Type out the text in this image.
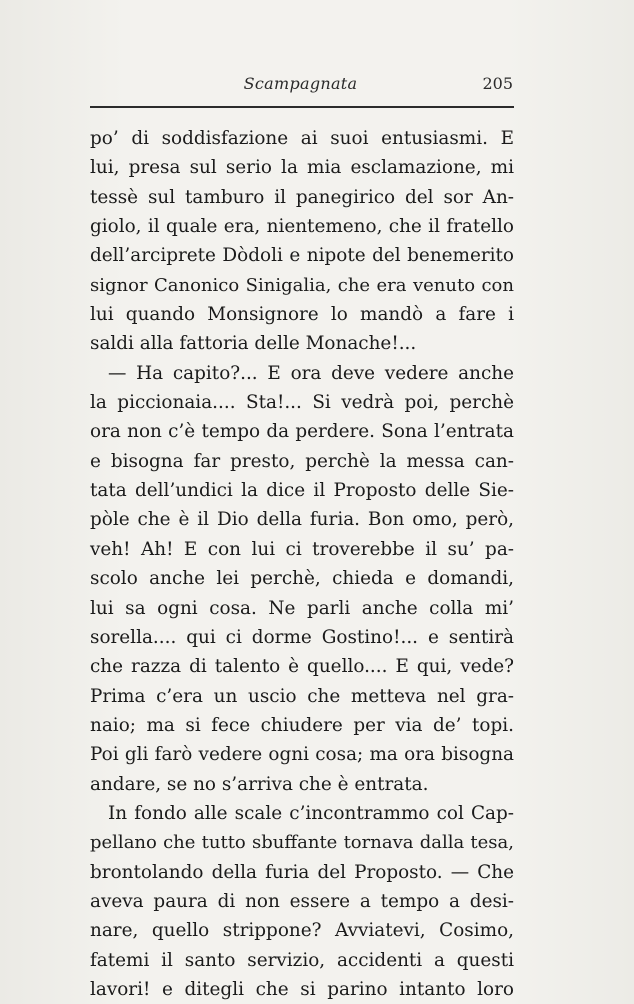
Scampagnata	205
po’ di soddisfazione ai suoi entusiasmi. E
lui, presa sul serio la mia esclamazione, mi
tessè sul tamburo il panegirico del sor An-
giolo, il quale era, nientemeno, che il fratello
dell’arciprete Dòdoli e nipote del benemerito
signor Canonico Sinigalia, che era venuto con
lui quando Monsignore lo mandò a fare i
saldi alla fattoria delle Monache!...
— Ha capito?... E ora deve vedere anche
la piccionaia.... Sta!... Si vedrà poi, perchè
ora non c’è tempo da perdere. Sona l’entrata
e bisogna far presto, perchè la messa can-
tata dell’undici la dice il Proposto delle Sie-
pòle che è il Dio della furia. Bon omo, però,
veh! Ah! E con lui ci troverebbe il su’ pa-
scolo anche lei perchè, chieda e domandi,
lui sa ogni cosa. Ne parli anche colla mi’
sorella.... qui ci dorme Gostino!... e sentirà
che razza di talento è quello.... E qui, vede?
Prima c’era un uscio che metteva nel gra-
naio; ma si fece chiudere per via de’ topi.
Poi gli farò vedere ogni cosa; ma ora bisogna
andare, se no s’arriva che è entrata.
In fondo alle scale c’incontrammo col Cap-
pellano che tutto sbuffante tornava dalla tesa,
brontolando della furia del Proposto. — Che
aveva paura di non essere a tempo a desi-
nare, quello strippone? Avviatevi, Cosimo,
fatemi il santo servizio, accidenti a questi
lavori! e ditegli che si parino intanto loro
